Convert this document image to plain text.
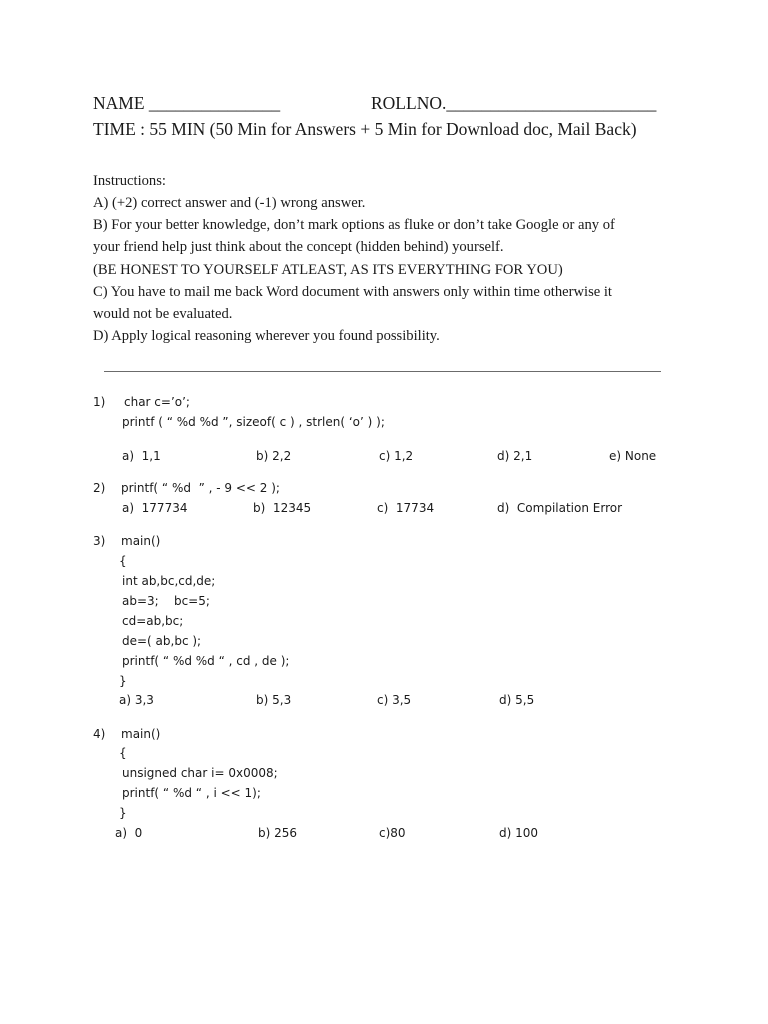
NAME _______________	ROLLNO.________________________
TIME : 55 MIN (50 Min for Answers + 5 Min for Download doc, Mail Back)
Instructions:
A) (+2) correct answer and (-1) wrong answer.
B) For your better knowledge, don’t mark options as fluke or don’t take Google or any of
your friend help just think about the concept (hidden behind) yourself.
(BE HONEST TO YOURSELF ATLEAST, AS ITS EVERYTHING FOR YOU)
C) You have to mail me back Word document with answers only within time otherwise it
would not be evaluated.
D) Apply logical reasoning wherever you found possibility.
1) char c=’o’;
printf ( “ %d %d ”, sizeof( c ) , strlen( ‘o’ ) );
a)  1,1	b) 2,2	c) 1,2	d) 2,1	e) None
2) printf( “ %d  ” , - 9 << 2 );
a)  177734	b)  12345	c)  17734	d)  Compilation Error
3) main()
{
int ab,bc,cd,de;
ab=3;    bc=5;
cd=ab,bc;
de=( ab,bc );
printf( “ %d %d “ , cd , de );
}
a) 3,3	b) 5,3	c) 3,5	d) 5,5
4) main()
{
unsigned char i= 0x0008;
printf( “ %d “ , i << 1);
}
a)  0	b) 256	c)80	d) 100
